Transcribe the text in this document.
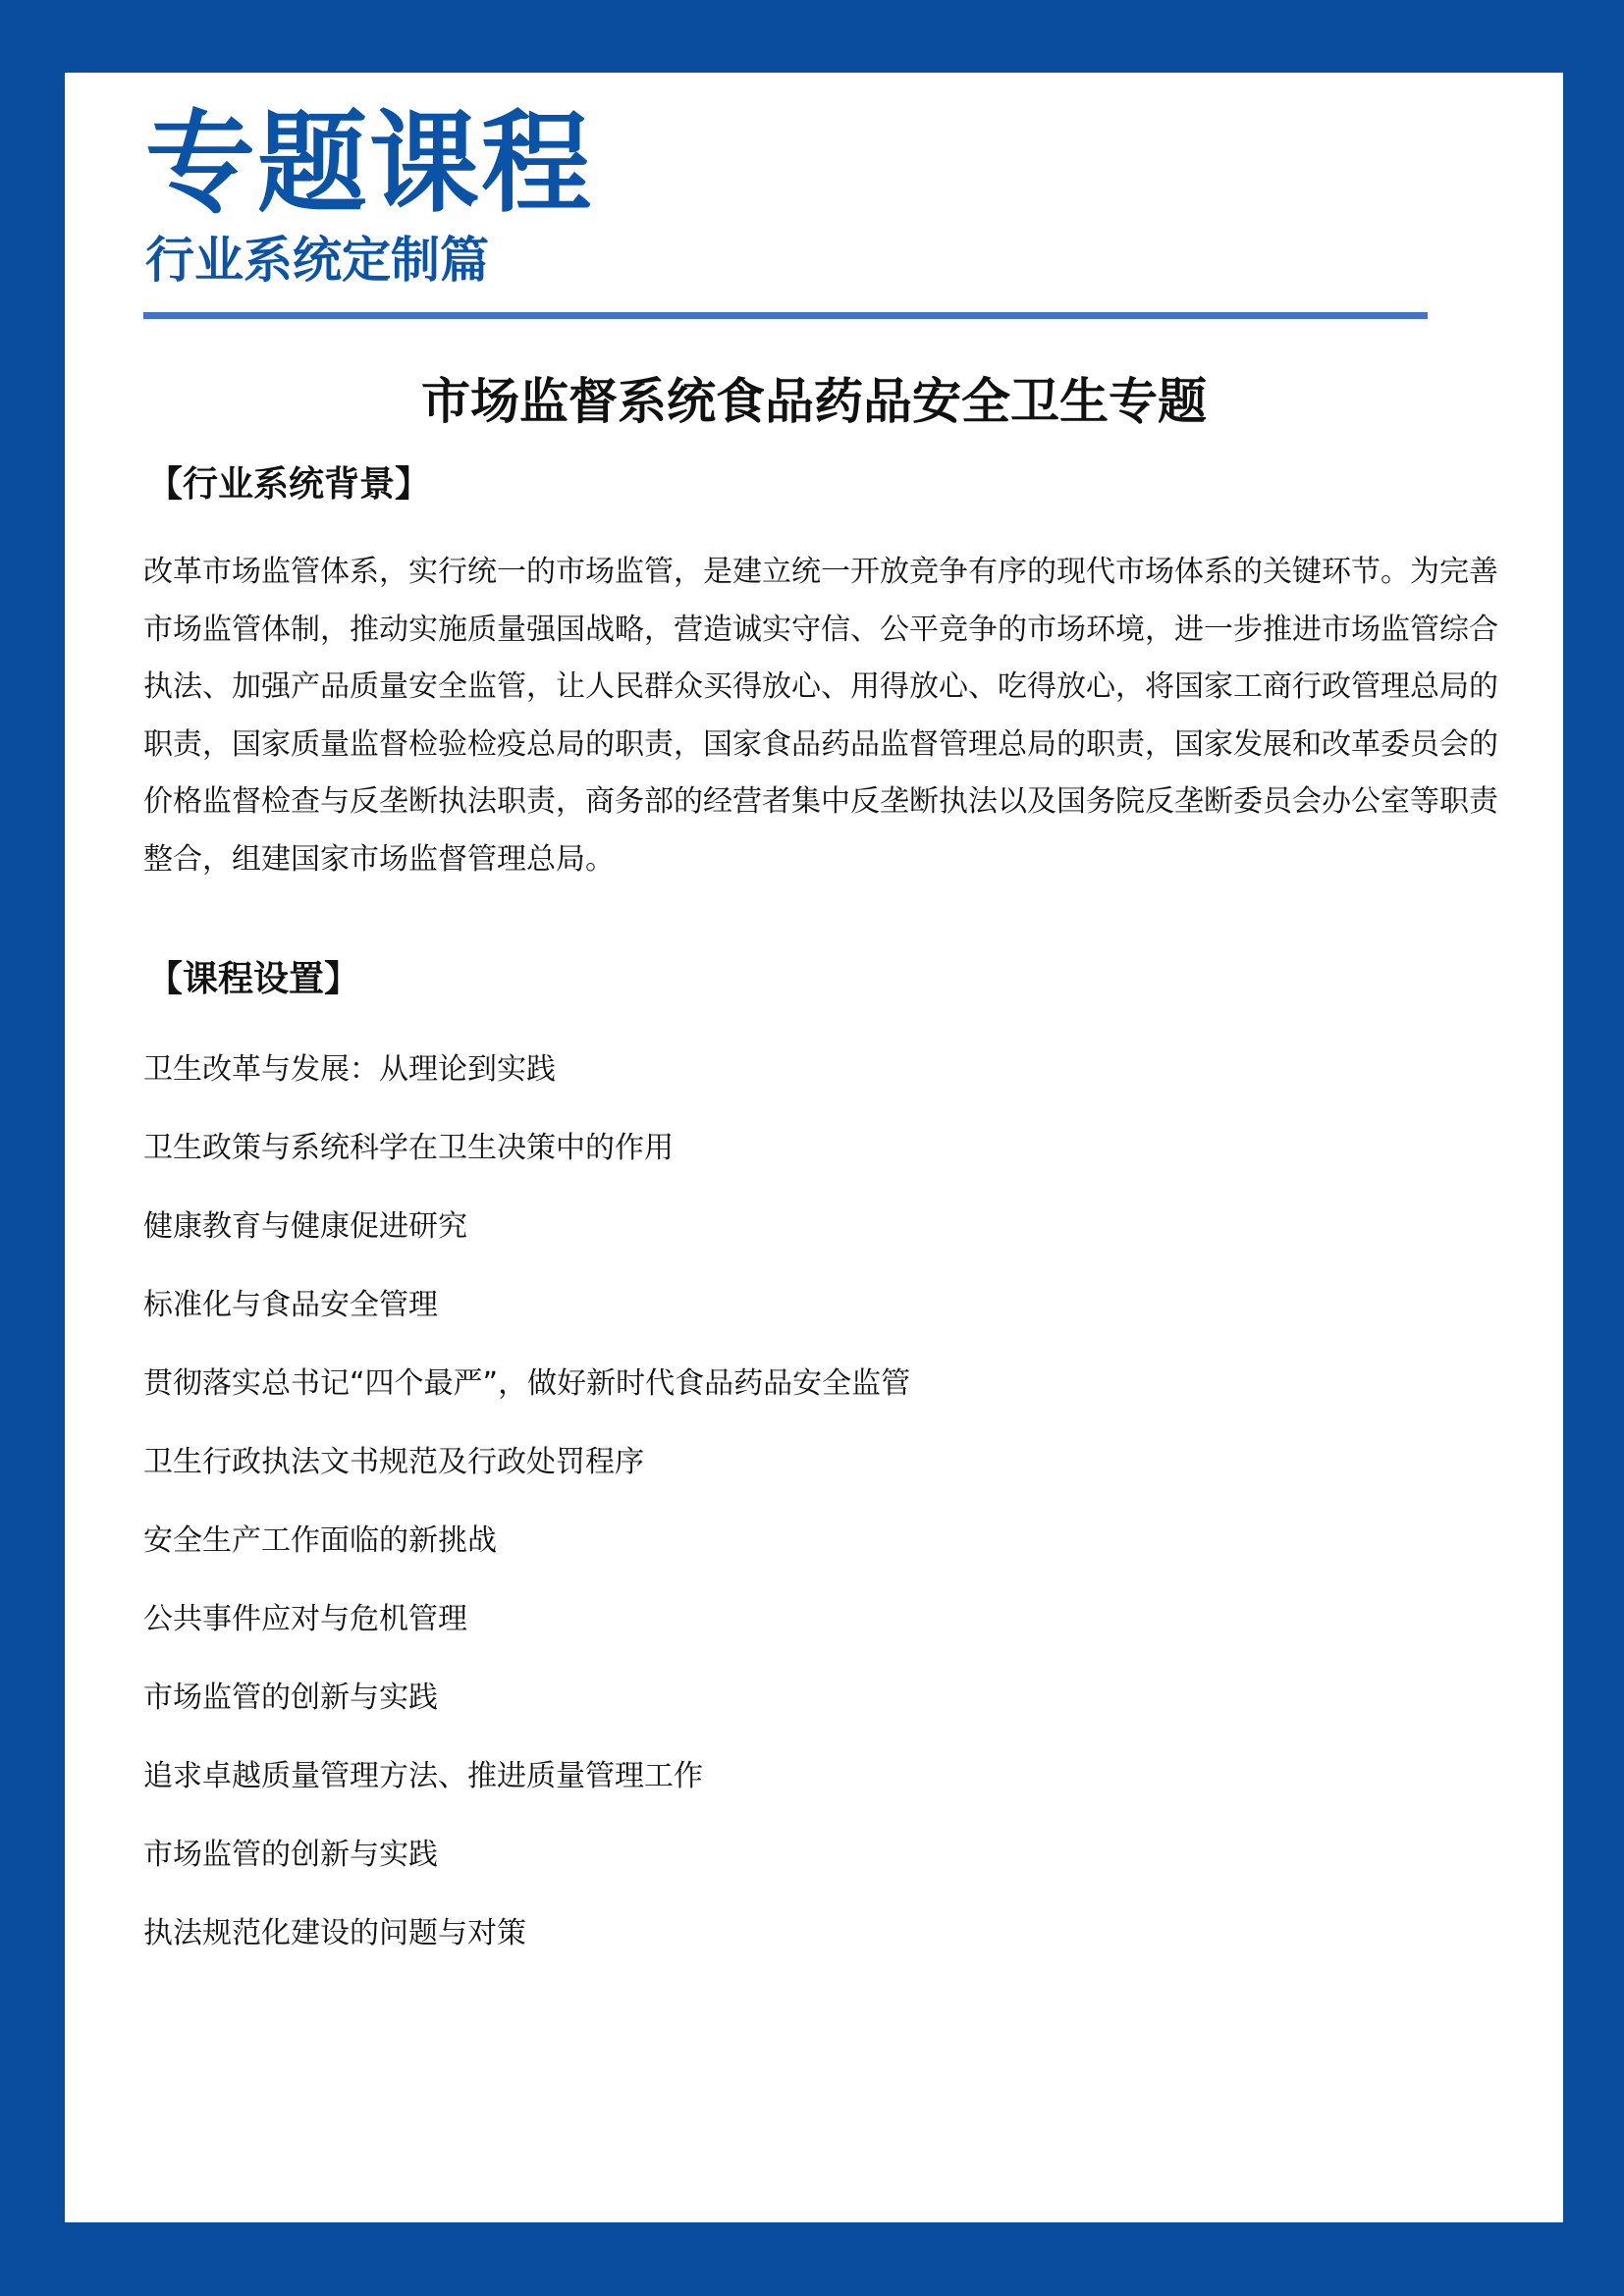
专题课程
行业系统定制篇
市场监督系统食品药品安全卫生专题
【行业系统背景】
改革市场监管体系，实行统一的市场监管，是建立统一开放竞争有序的现代市场体系的关键环节。为完善市场监管体制，推动实施质量强国战略，营造诚实守信、公平竞争的市场环境，进一步推进市场监管综合执法、加强产品质量安全监管，让人民群众买得放心、用得放心、吃得放心，将国家工商行政管理总局的职责，国家质量监督检验检疫总局的职责，国家食品药品监督管理总局的职责，国家发展和改革委员会的价格监督检查与反垄断执法职责，商务部的经营者集中反垄断执法以及国务院反垄断委员会办公室等职责整合，组建国家市场监督管理总局。
【课程设置】
卫生改革与发展：从理论到实践
卫生政策与系统科学在卫生决策中的作用
健康教育与健康促进研究
标准化与食品安全管理
贯彻落实总书记“四个最严”，做好新时代食品药品安全监管
卫生行政执法文书规范及行政处罚程序
安全生产工作面临的新挑战
公共事件应对与危机管理
市场监管的创新与实践
追求卓越质量管理方法、推进质量管理工作
市场监管的创新与实践
执法规范化建设的问题与对策
